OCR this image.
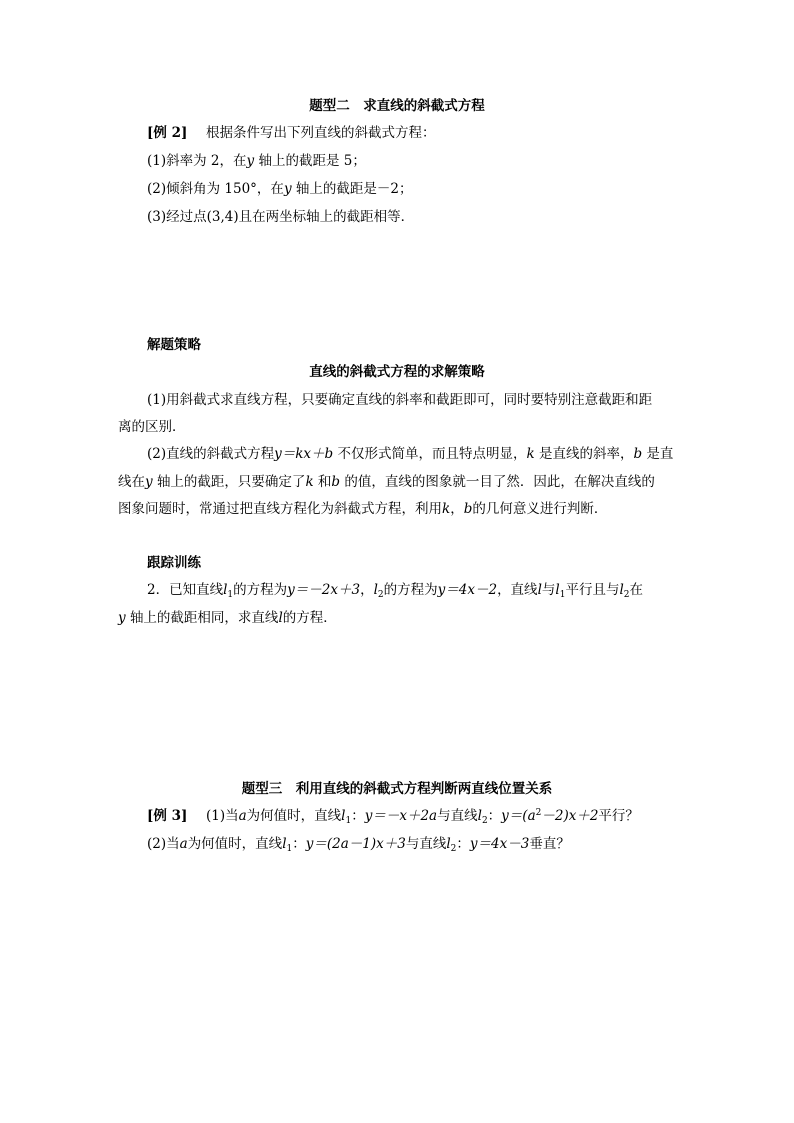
题型二　求直线的斜截式方程
[例 2] 根据条件写出下列直线的斜截式方程：
(1)斜率为 2，在y 轴上的截距是 5；
(2)倾斜角为 150°，在y 轴上的截距是－2；
(3)经过点(3,4)且在两坐标轴上的截距相等．
解题策略
直线的斜截式方程的求解策略
(1)用斜截式求直线方程，只要确定直线的斜率和截距即可，同时要特别注意截距和距
离的区别．
(2)直线的斜截式方程y＝kx＋b 不仅形式简单，而且特点明显，k 是直线的斜率，b 是直
线在y 轴上的截距，只要确定了k 和b 的值，直线的图象就一目了然．因此，在解决直线的
图象问题时，常通过把直线方程化为斜截式方程，利用k，b的几何意义进行判断．
跟踪训练
2．已知直线$l_1$的方程为y＝－2x＋3，$l_2$的方程为y＝4x－2，直线l与$l_1$平行且与$l_2$在
y 轴上的截距相同，求直线l的方程．
题型三　利用直线的斜截式方程判断两直线位置关系
[例 3] (1)当a为何值时，直线$l_1$：y＝－x＋2a与直线$l_2$：$y=(a^2-2)x+2$平行？
(2)当a为何值时，直线$l_1$：y＝(2a－1)x＋3与直线$l_2$：y＝4x－3垂直？
